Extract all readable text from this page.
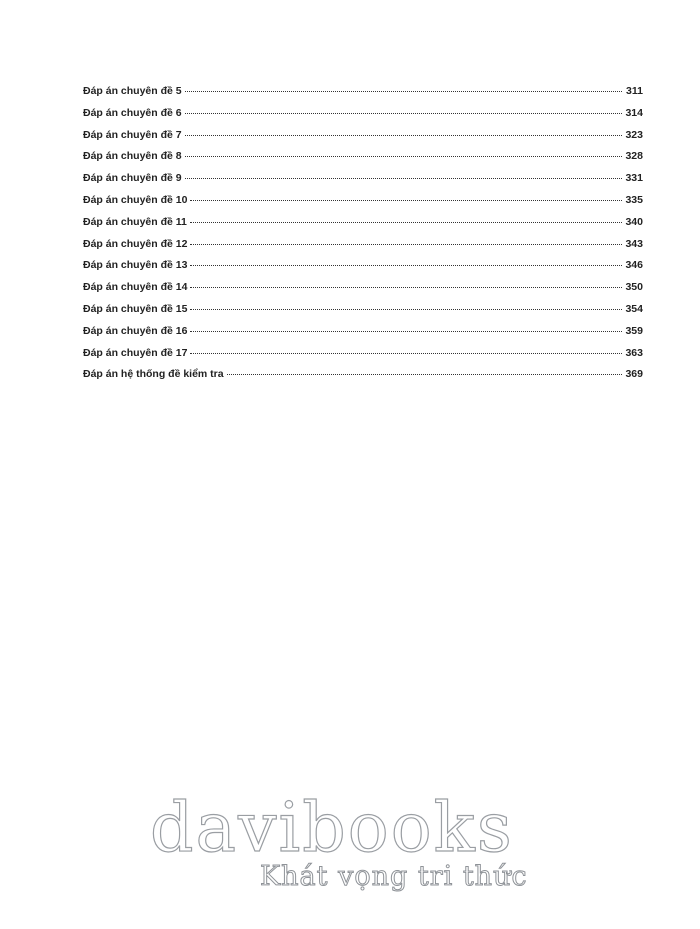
Đáp án chuyên đề 5	311
Đáp án chuyên đề 6	314
Đáp án chuyên đề 7	323
Đáp án chuyên đề 8	328
Đáp án chuyên đề 9	331
Đáp án chuyên đề 10	335
Đáp án chuyên đề 11	340
Đáp án chuyên đề 12	343
Đáp án chuyên đề 13	346
Đáp án chuyên đề 14	350
Đáp án chuyên đề 15	354
Đáp án chuyên đề 16	359
Đáp án chuyên đề 17	363
Đáp án hệ thống đề kiểm tra	369
davibooks
Khát vọng tri thức
